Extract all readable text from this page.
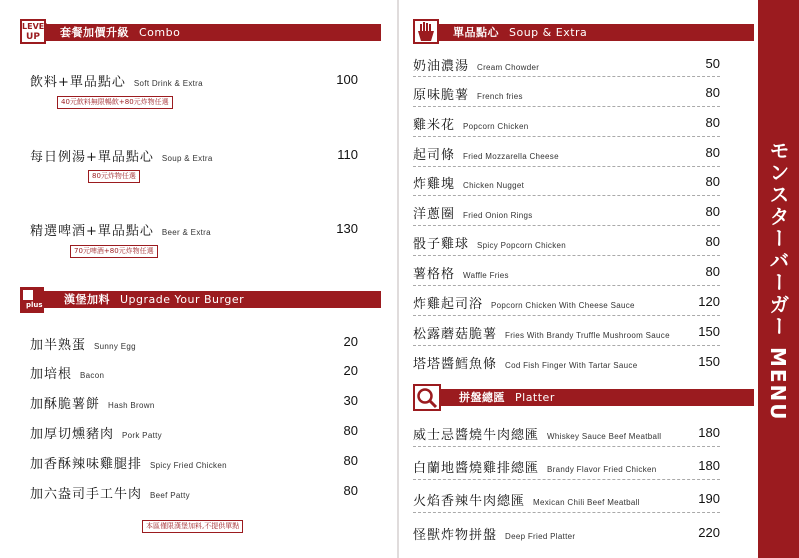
套餐加價升級 Combo
LEVEL
UP
飲料+單品點心 Soft Drink & Extra	100
40元飲料無限暢飲+80元炸物任選
每日例湯+單品點心 Soup & Extra	110
80元炸物任選
精選啤酒+單品點心 Beer & Extra	130
70元啤酒+80元炸物任選
漢堡加料 Upgrade Your Burger
plus
加半熟蛋 Sunny Egg	20
加培根 Bacon	20
加酥脆薯餅 Hash Brown	30
加厚切燻豬肉 Pork Patty	80
加香酥辣味雞腿排 Spicy Fried Chicken	80
加六盎司手工牛肉 Beef Patty	80
本區僅限漢堡加料,不提供單點
單品點心 Soup & Extra
奶油濃湯 Cream Chowder	50
原味脆薯 French fries	80
雞米花 Popcorn Chicken	80
起司條 Fried Mozzarella Cheese	80
炸雞塊 Chicken Nugget	80
洋蔥圈 Fried Onion Rings	80
骰子雞球 Spicy Popcorn Chicken	80
薯格格 Waffle Fries	80
炸雞起司浴 Popcorn Chicken With Cheese Sauce	120
松露蘑菇脆薯 Fries With Brandy Truffle Mushroom Sauce	150
塔塔醬鱈魚條 Cod Fish Finger With Tartar Sauce	150
拼盤總匯 Platter
威士忌醬燒牛肉總匯 Whiskey Sauce Beef Meatball	180
白蘭地醬燒雞排總匯 Brandy Flavor Fried Chicken	180
火焰香辣牛肉總匯 Mexican Chili Beef Meatball	190
怪獸炸物拼盤 Deep Fried Platter	220
モンスターバーガー MENU
